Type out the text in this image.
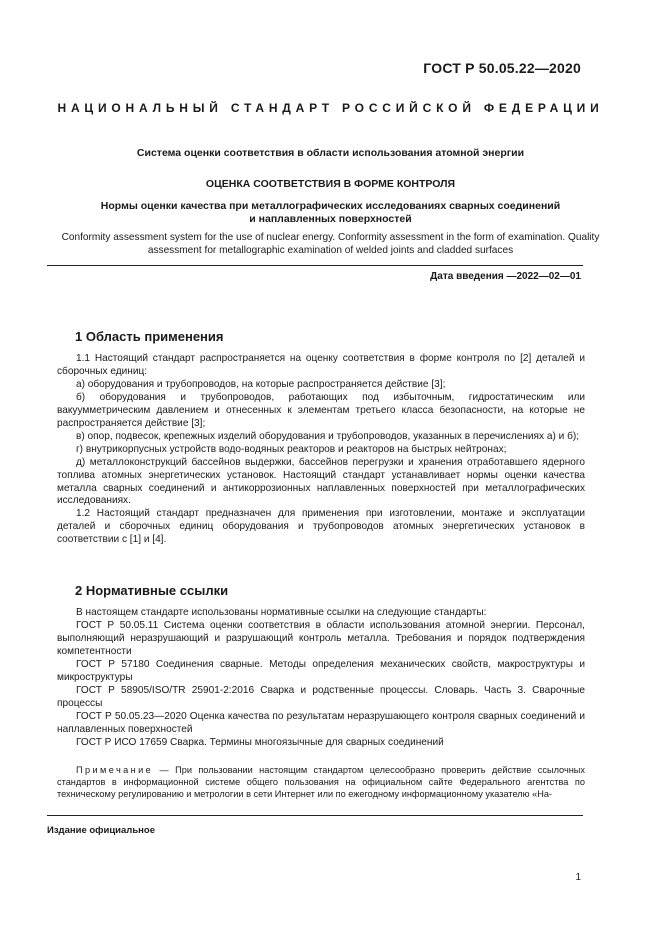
ГОСТ Р 50.05.22—2020
НАЦИОНАЛЬНЫЙ СТАНДАРТ РОССИЙСКОЙ ФЕДЕРАЦИИ
Система оценки соответствия в области использования атомной энергии
ОЦЕНКА СООТВЕТСТВИЯ В ФОРМЕ КОНТРОЛЯ
Нормы оценки качества при металлографических исследованиях сварных соединений
и наплавленных поверхностей
Conformity assessment system for the use of nuclear energy. Conformity assessment in the form of examination. Quality
assessment for metallographic examination of welded joints and cladded surfaces
Дата введения —2022—02—01
1 Область применения

1.1 Настоящий стандарт распространяется на оценку соответствия в форме контроля по [2] деталей и сборочных единиц:

а) оборудования и трубопроводов, на которые распространяется действие [3];

б) оборудования и трубопроводов, работающих под избыточным, гидростатическим или вакуумметрическим давлением и отнесенных к элементам третьего класса безопасности, на которые не распространяется действие [3];

в) опор, подвесок, крепежных изделий оборудования и трубопроводов, указанных в перечислениях а) и б);

г) внутрикорпусных устройств водо-водяных реакторов и реакторов на быстрых нейтронах;

д) металлоконструкций бассейнов выдержки, бассейнов перегрузки и хранения отработавшего ядерного топлива атомных энергетических установок. Настоящий стандарт устанавливает нормы оценки качества металла сварных соединений и антикоррозионных наплавленных поверхностей при металлографических исследованиях.

1.2 Настоящий стандарт предназначен для применения при изготовлении, монтаже и эксплуатации деталей и сборочных единиц оборудования и трубопроводов атомных энергетических установок в соответствии с [1] и [4].

2 Нормативные ссылки

В настоящем стандарте использованы нормативные ссылки на следующие стандарты:

ГОСТ Р 50.05.11 Система оценки соответствия в области использования атомной энергии. Персонал, выполняющий неразрушающий и разрушающий контроль металла. Требования и порядок подтверждения компетентности

ГОСТ Р 57180 Соединения сварные. Методы определения механических свойств, макроструктуры и микроструктуры

ГОСТ Р 58905/ISO/TR 25901-2:2016 Сварка и родственные процессы. Словарь. Часть 3. Сварочные процессы

ГОСТ Р 50.05.23—2020 Оценка качества по результатам неразрушающего контроля сварных соединений и наплавленных поверхностей

ГОСТ Р ИСО 17659 Сварка. Термины многоязычные для сварных соединений

Примечание — При пользовании настоящим стандартом целесообразно проверить действие ссылочных стандартов в информационной системе общего пользования на официальном сайте Федерального агентства по техническому регулированию и метрологии в сети Интернет или по ежегодному информационному указателю «На-

Издание официальное
1
